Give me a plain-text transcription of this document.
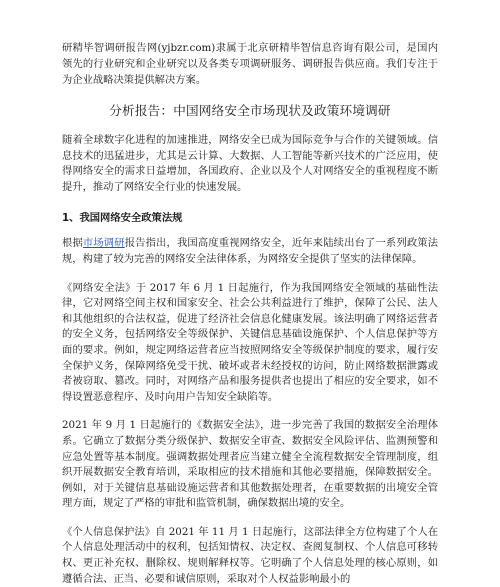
研精毕智调研报告网(yjbzr.com)隶属于北京研精毕智信息咨询有限公司，是国内领先的行业研究和企业研究以及各类专项调研服务、调研报告供应商。我们专注于为企业战略决策提供解决方案。

分析报告：中国网络安全市场现状及政策环境调研

随着全球数字化进程的加速推进，网络安全已成为国际竞争与合作的关键领域。信息技术的迅猛进步，尤其是云计算、大数据、人工智能等新兴技术的广泛应用，使得网络安全的需求日益增加，各国政府、企业以及个人对网络安全的重视程度不断提升，推动了网络安全行业的快速发展。

1、我国网络安全政策法规

根据市场调研报告指出，我国高度重视网络安全，近年来陆续出台了一系列政策法规，构建了较为完善的网络安全法律体系，为网络安全提供了坚实的法律保障。

《网络安全法》于 2017 年 6 月 1 日起施行，作为我国网络安全领域的基础性法律，它对网络空间主权和国家安全、社会公共利益进行了维护，保障了公民、法人和其他组织的合法权益，促进了经济社会信息化健康发展。该法明确了网络运营者的安全义务，包括网络安全等级保护、关键信息基础设施保护、个人信息保护等方面的要求。例如，规定网络运营者应当按照网络安全等级保护制度的要求，履行安全保护义务，保障网络免受干扰、破坏或者未经授权的访问，防止网络数据泄露或者被窃取、篡改。同时，对网络产品和服务提供者也提出了相应的安全要求，如不得设置恶意程序、及时向用户告知安全缺陷等。

2021 年 9 月 1 日起施行的《数据安全法》，进一步完善了我国的数据安全治理体系。它确立了数据分类分级保护、数据安全审查、数据安全风险评估、监测预警和应急处置等基本制度。强调数据处理者应当建立健全全流程数据安全管理制度，组织开展数据安全教育培训，采取相应的技术措施和其他必要措施，保障数据安全。例如，对于关键信息基础设施运营者和其他数据处理者，在重要数据的出境安全管理方面，规定了严格的审批和监管机制，确保数据出境的安全。

《个人信息保护法》自 2021 年 11 月 1 日起施行，这部法律全方位构建了个人在个人信息处理活动中的权利，包括知情权、决定权、查阅复制权、个人信息可移转权、更正补充权、删除权、规则解释权等。它明确了个人信息处理的核心原则，如遵循合法、正当、必要和诚信原则，采取对个人权益影响最小的
